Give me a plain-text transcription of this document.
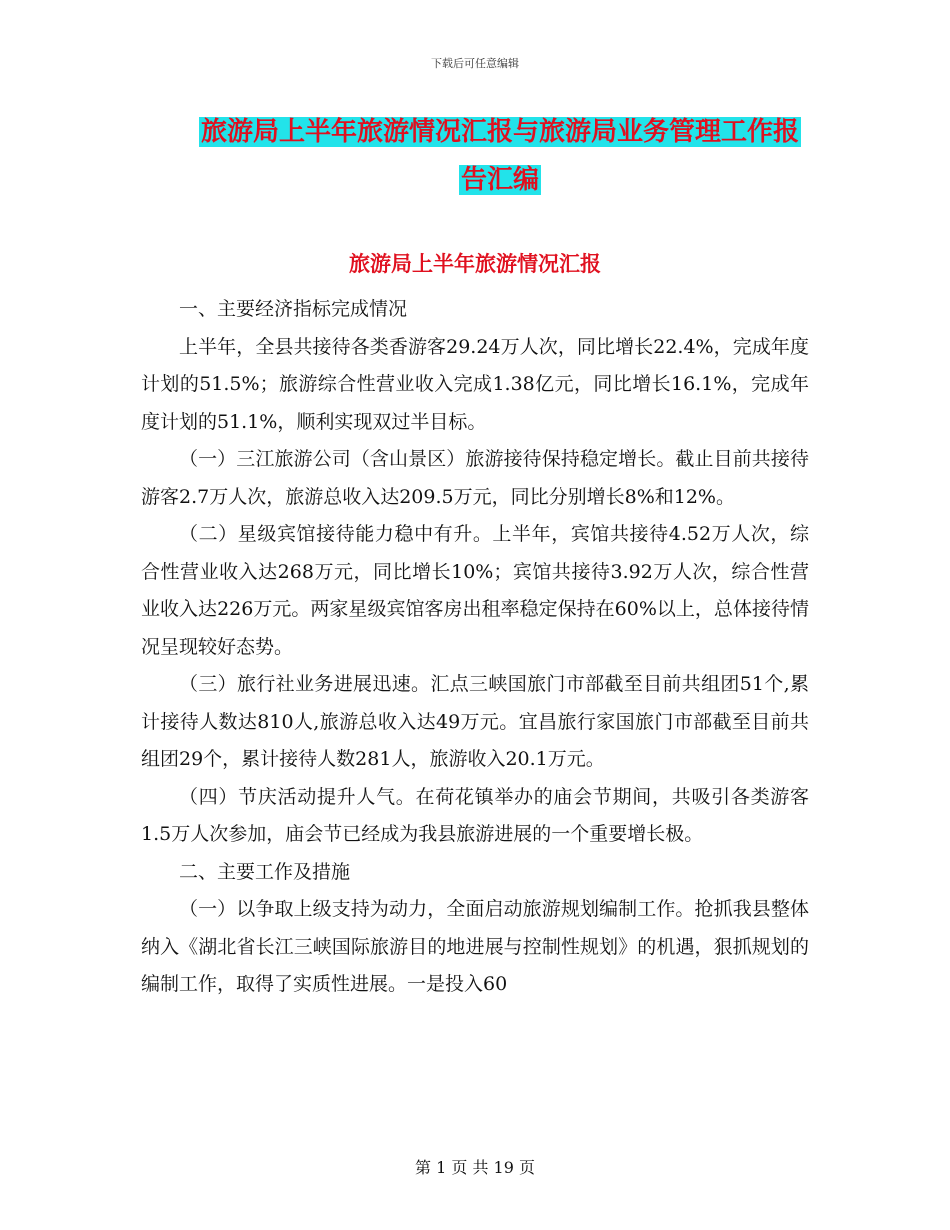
下载后可任意编辑
旅游局上半年旅游情况汇报与旅游局业务管理工作报
告汇编
旅游局上半年旅游情况汇报

一、主要经济指标完成情况

上半年，全县共接待各类香游客29.24万人次，同比增长22.4%，完成年度计划的51.5%；旅游综合性营业收入完成1.38亿元，同比增长16.1%，完成年度计划的51.1%，顺利实现双过半目标。

（一）三江旅游公司（含山景区）旅游接待保持稳定增长。截止目前共接待游客2.7万人次，旅游总收入达209.5万元，同比分别增长8%和12%。

（二）星级宾馆接待能力稳中有升。上半年，宾馆共接待4.52万人次，综合性营业收入达268万元，同比增长10%；宾馆共接待3.92万人次，综合性营业收入达226万元。两家星级宾馆客房出租率稳定保持在60%以上，总体接待情况呈现较好态势。

（三）旅行社业务进展迅速。汇点三峡国旅门市部截至目前共组团51个,累计接待人数达810人,旅游总收入达49万元。宜昌旅行家国旅门市部截至目前共组团29个，累计接待人数281人，旅游收入20.1万元。

（四）节庆活动提升人气。在荷花镇举办的庙会节期间，共吸引各类游客1.5万人次参加，庙会节已经成为我县旅游进展的一个重要增长极。

二、主要工作及措施

（一）以争取上级支持为动力，全面启动旅游规划编制工作。抢抓我县整体纳入《湖北省长江三峡国际旅游目的地进展与控制性规划》的机遇，狠抓规划的编制工作，取得了实质性进展。一是投入60

第 1 页 共 19 页
